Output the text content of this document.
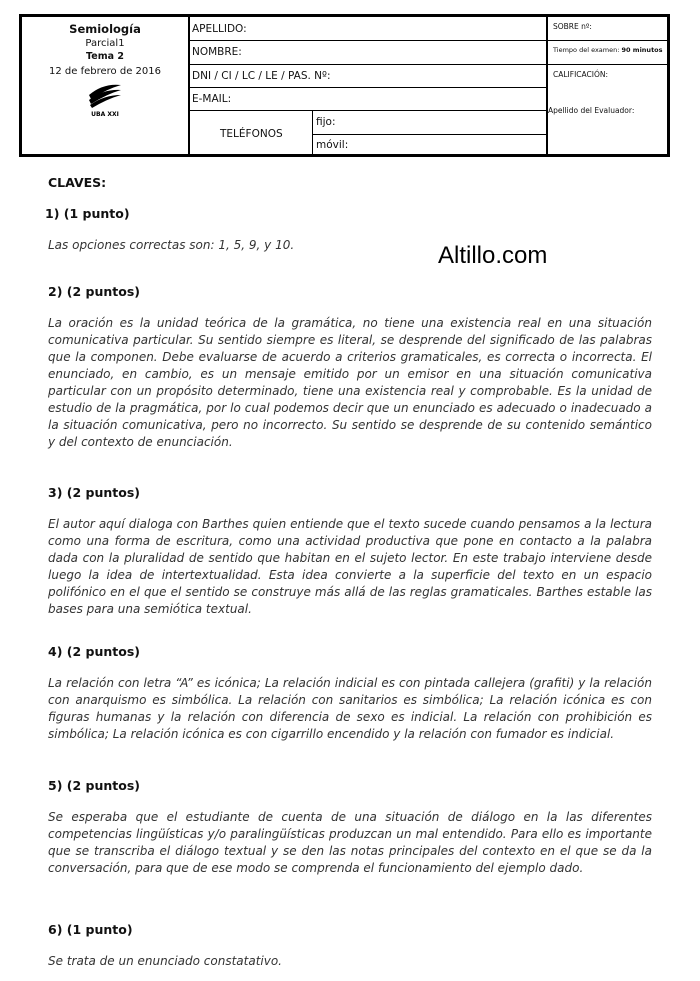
Semiología
Parcial1
Tema 2
12 de febrero de 2016
UBA XXI
APELLIDO:
NOMBRE:
DNI / CI / LC / LE / PAS. Nº:
E-MAIL:
TELÉFONOS
fijo:
móvil:
SOBRE nº:
Tiempo del examen: 90 minutos
CALIFICACIÓN:
Apellido del Evaluador:
Altillo.com
CLAVES:
1) (1 punto)
Las opciones correctas son: 1, 5, 9, y 10.
2) (2 puntos)
La oración es la unidad teórica de la gramática, no tiene una existencia real en una situación comunicativa particular. Su sentido siempre es literal, se desprende del significado de las palabras que la componen. Debe evaluarse de acuerdo a criterios gramaticales, es correcta o incorrecta. El enunciado, en cambio, es un mensaje emitido por un emisor en una situación comunicativa particular con un propósito determinado, tiene una existencia real y comprobable. Es la unidad de estudio de la pragmática, por lo cual podemos decir que un enunciado es adecuado o inadecuado a la situación comunicativa, pero no incorrecto. Su sentido se desprende de su contenido semántico y del contexto de enunciación.
3) (2 puntos)
El autor aquí dialoga con Barthes quien entiende que el texto sucede cuando pensamos a la lectura como una forma de escritura, como una actividad productiva que pone en contacto a la palabra dada con la pluralidad de sentido que habitan en el sujeto lector. En este trabajo interviene desde luego la idea de intertextualidad. Esta idea convierte a la superficie del texto en un espacio polifónico en el que el sentido se construye más allá de las reglas gramaticales. Barthes estable las bases para una semiótica textual.
4) (2 puntos)
La relación con letra “A” es icónica; La relación indicial es con pintada callejera (grafiti) y la relación con anarquismo es simbólica. La relación con sanitarios es simbólica; La relación icónica es con figuras humanas y la relación con diferencia de sexo es indicial. La relación con prohibición es simbólica; La relación icónica es con cigarrillo encendido y la relación con fumador es indicial.
5) (2 puntos)
Se esperaba que el estudiante de cuenta de una situación de diálogo en la las diferentes competencias lingüísticas y/o paralingüísticas produzcan un mal entendido. Para ello es importante que se transcriba el diálogo textual y se den las notas principales del contexto en el que se da la conversación, para que de ese modo se comprenda el funcionamiento del ejemplo dado.
6) (1 punto)
Se trata de un enunciado constatativo.
